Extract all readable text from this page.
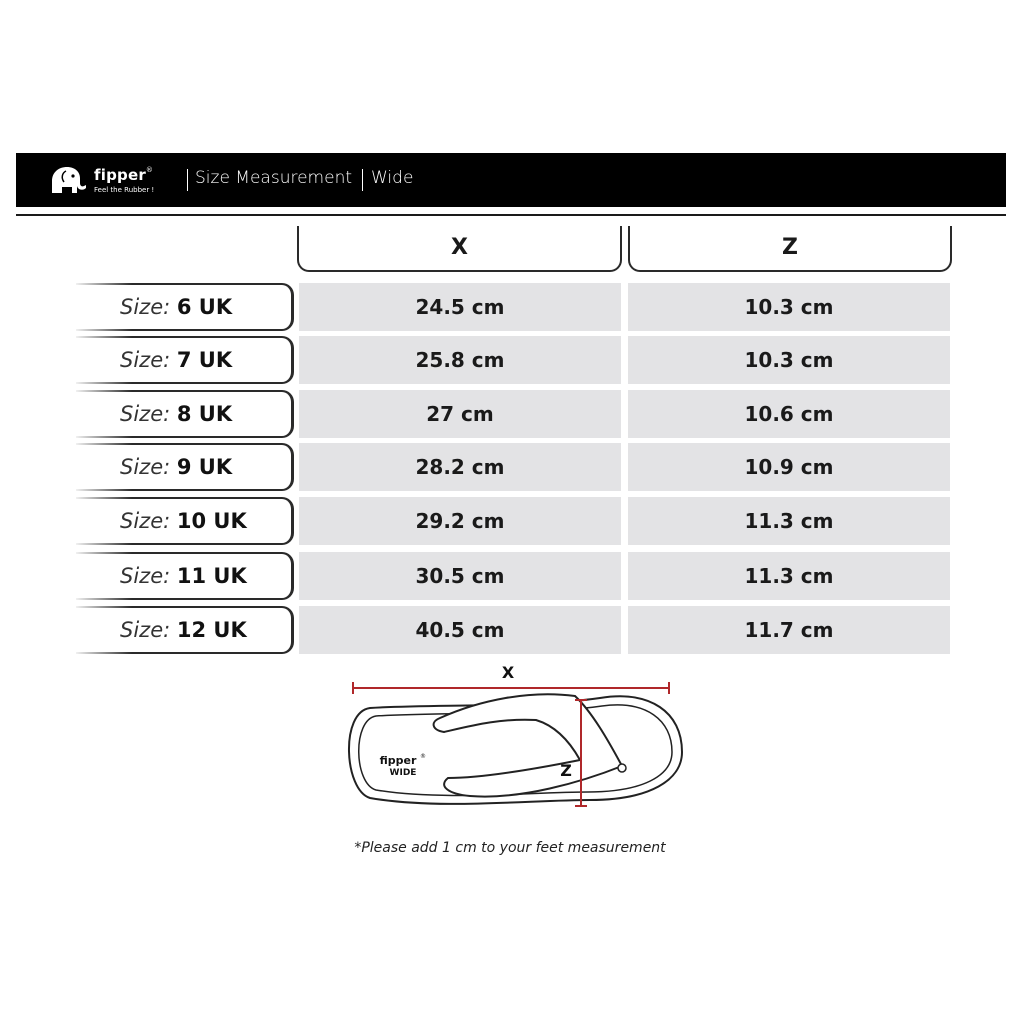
fipper®
Feel the Rubber !
Size Measurement Wide
X	Z
Size: 6 UK	24.5 cm	10.3 cm
Size: 7 UK	25.8 cm	10.3 cm
Size: 8 UK	27 cm	10.6 cm
Size: 9 UK	28.2 cm	10.9 cm
Size: 10 UK	29.2 cm	11.3 cm
Size: 11 UK	30.5 cm	11.3 cm
Size: 12 UK	40.5 cm	11.7 cm
X
Z
fipper ®
WIDE
*Please add 1 cm to your feet measurement
